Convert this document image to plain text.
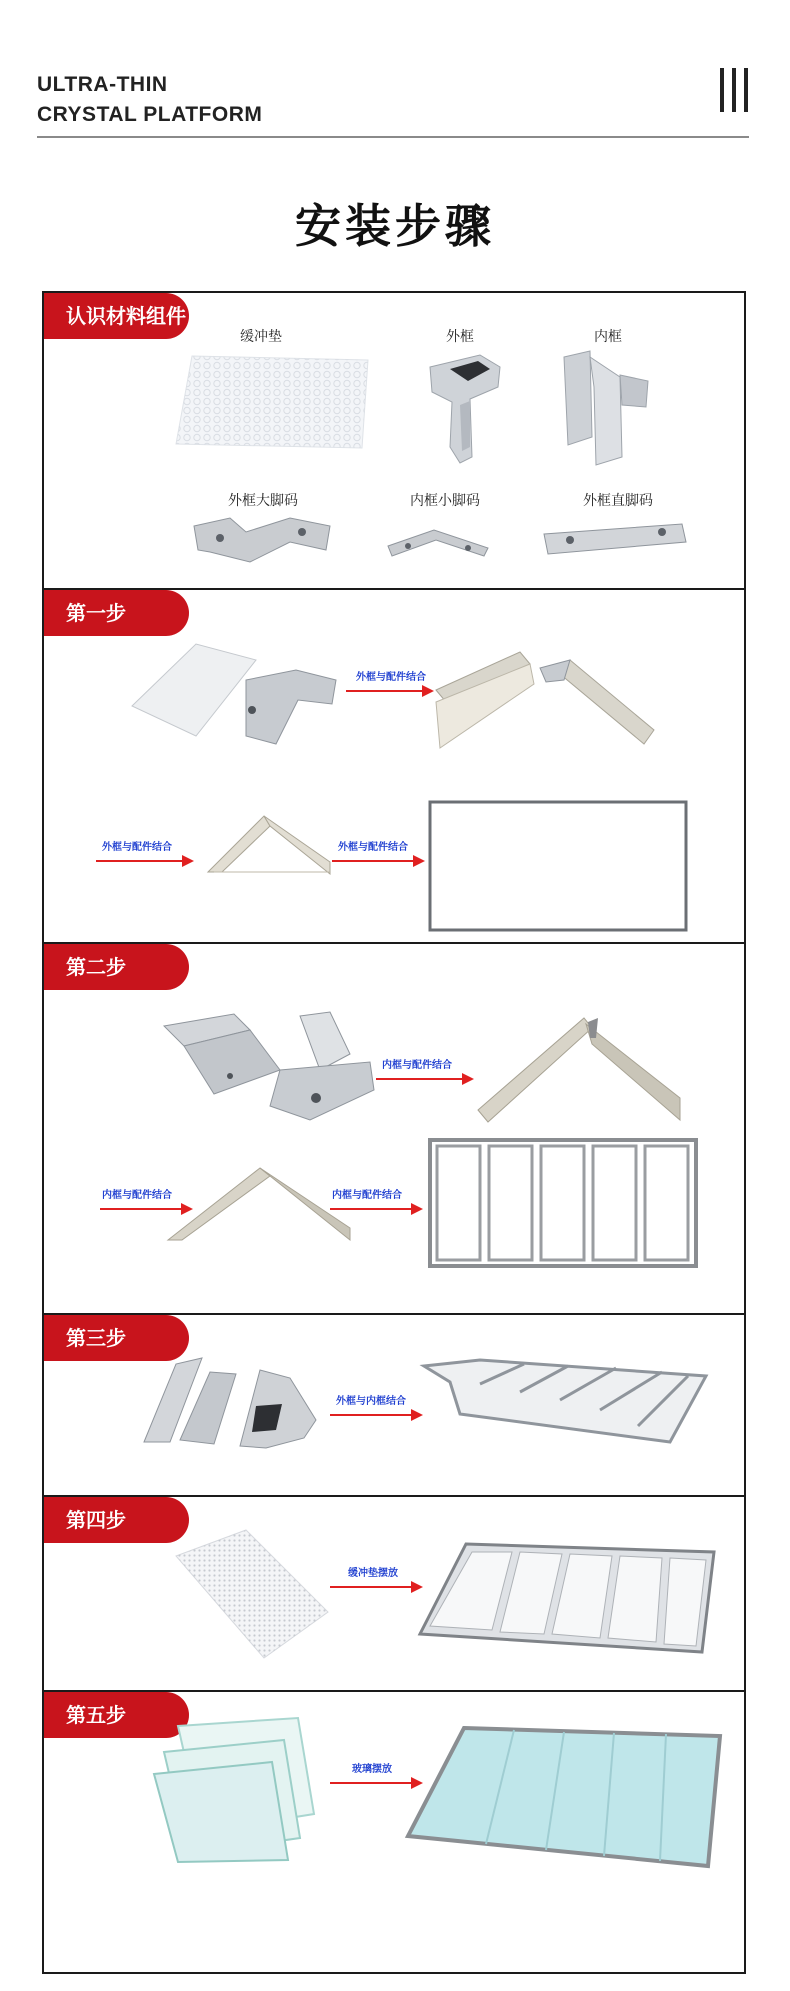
ULTRA-THIN
CRYSTAL PLATFORM
安装步骤
认识材料组件
缓冲垫	外框	内框
外框大脚码	内框小脚码	外框直脚码
第一步
外框与配件结合
外框与配件结合	外框与配件结合
第二步
内框与配件结合
内框与配件结合	内框与配件结合
第三步
外框与内框结合
第四步
缓冲垫摆放
第五步
玻璃摆放
